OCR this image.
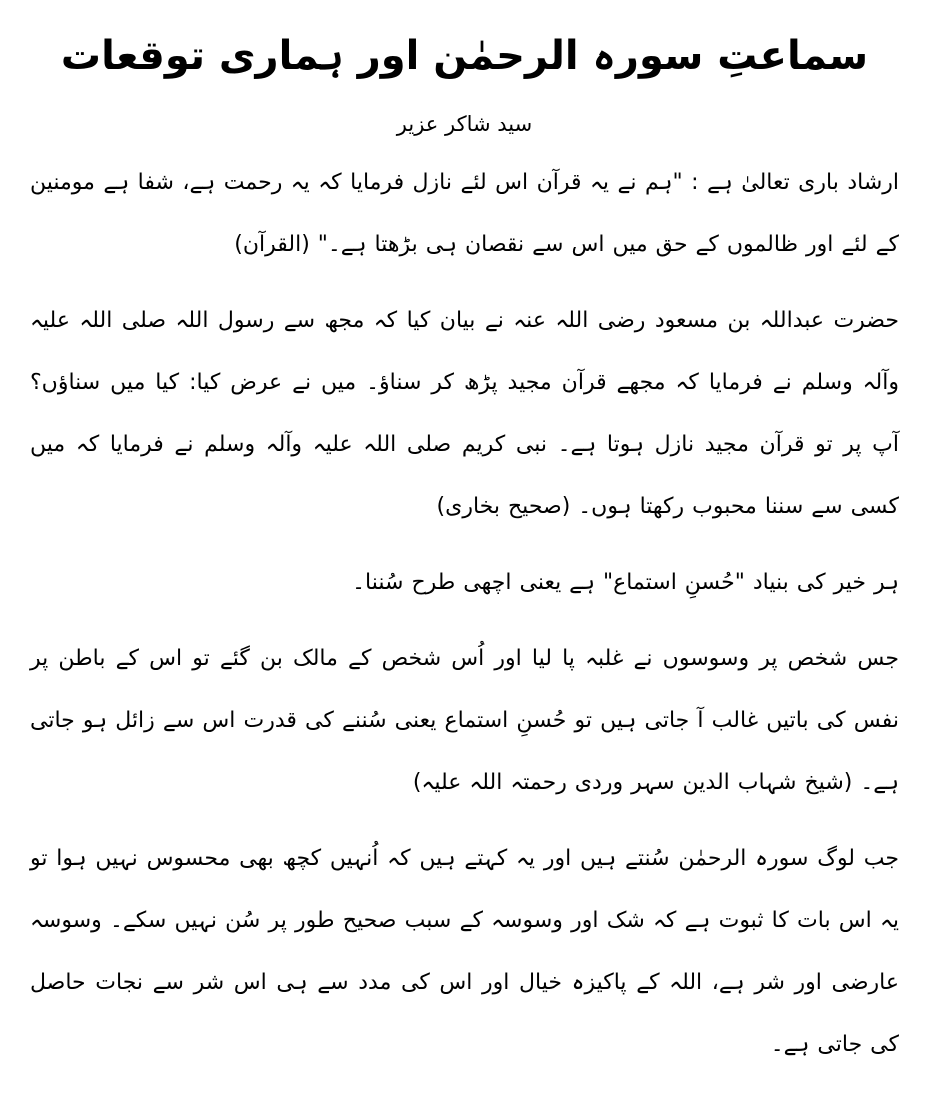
سماعتِ سورہ الرحمٰن اور ہماری توقعات
سید شاکر عزیر

ارشاد باری تعالیٰ ہے : "ہم نے یہ قرآن اس لئے نازل فرمایا کہ یہ رحمت ہے، شفا ہے مومنین کے لئے اور ظالموں کے حق میں اس سے نقصان ہی بڑھتا ہے۔" (القرآن)

حضرت عبداللہ بن مسعود رضی اللہ عنہ نے بیان کیا کہ مجھ سے رسول اللہ صلی اللہ علیہ وآلہ وسلم نے فرمایا کہ مجھے قرآن مجید پڑھ کر سناؤ۔ میں نے عرض کیا: کیا میں سناؤں؟ آپ پر تو قرآن مجید نازل ہوتا ہے۔ نبی کریم صلی اللہ علیہ وآلہ وسلم نے فرمایا کہ میں کسی سے سننا محبوب رکھتا ہوں۔ (صحیح بخاری)

ہر خیر کی بنیاد "حُسنِ استماع" ہے یعنی اچھی طرح سُننا۔

جس شخص پر وسوسوں نے غلبہ پا لیا اور اُس شخص کے مالک بن گئے تو اس کے باطن پر نفس کی باتیں غالب آ جاتی ہیں تو حُسنِ استماع یعنی سُننے کی قدرت اس سے زائل ہو جاتی ہے۔ (شیخ شہاب الدین سہر وردی رحمتہ اللہ علیہ)

جب لوگ سورہ الرحمٰن سُنتے ہیں اور یہ کہتے ہیں کہ اُنہیں کچھ بھی محسوس نہیں ہوا تو یہ اس بات کا ثبوت ہے کہ شک اور وسوسہ کے سبب صحیح طور پر سُن نہیں سکے۔ وسوسہ عارضی اور شر ہے، اللہ کے پاکیزہ خیال اور اس کی مدد سے ہی اس شر سے نجات حاصل کی جاتی ہے۔
